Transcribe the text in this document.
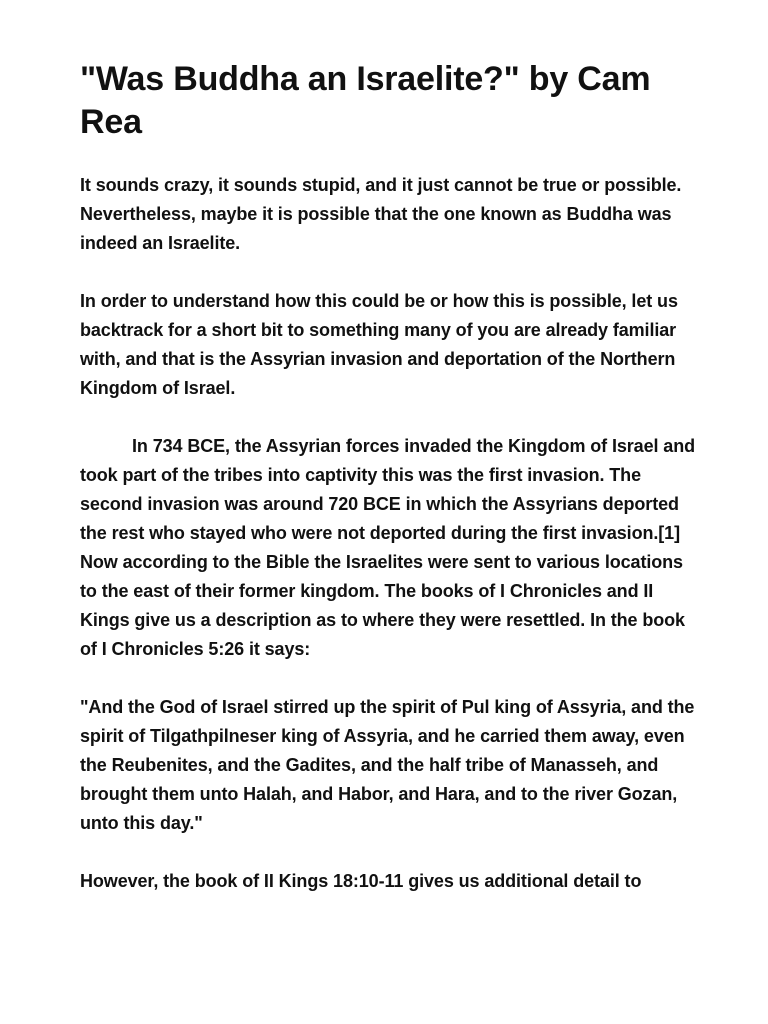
"Was Buddha an Israelite?" by Cam Rea

It sounds crazy, it sounds stupid, and it just cannot be true or possible. Nevertheless, maybe it is possible that the one known as Buddha was indeed an Israelite.

In order to understand how this could be or how this is possible, let us backtrack for a short bit to something many of you are already familiar with, and that is the Assyrian invasion and deportation of the Northern Kingdom of Israel.

In 734 BCE, the Assyrian forces invaded the Kingdom of Israel and took part of the tribes into captivity this was the first invasion. The second invasion was around 720 BCE in which the Assyrians deported the rest who stayed who were not deported during the first invasion.[1] Now according to the Bible the Israelites were sent to various locations to the east of their former kingdom. The books of I Chronicles and II Kings give us a description as to where they were resettled. In the book of I Chronicles 5:26 it says:

"And the God of Israel stirred up the spirit of Pul king of Assyria, and the spirit of Tilgathpilneser king of Assyria, and he carried them away, even the Reubenites, and the Gadites, and the half tribe of Manasseh, and brought them unto Halah, and Habor, and Hara, and to the river Gozan, unto this day."

However, the book of II Kings 18:10-11 gives us additional detail to
